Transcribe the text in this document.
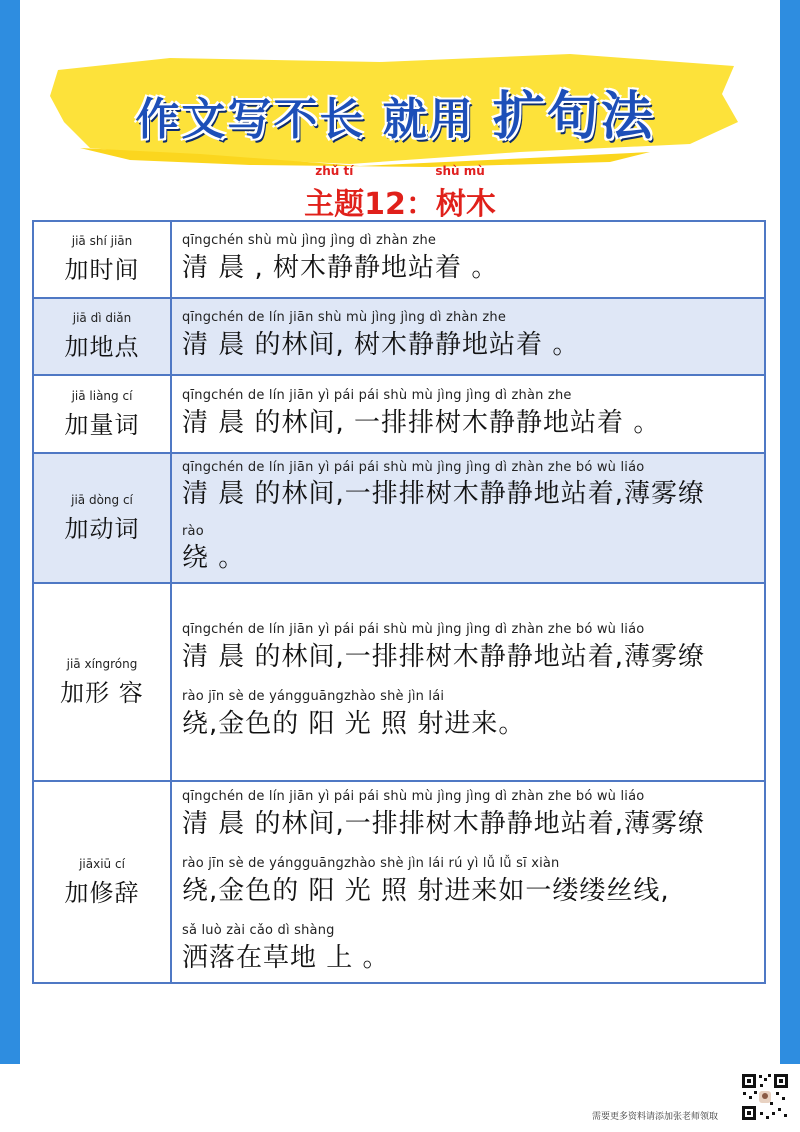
作文写不长 就用 扩句法
zhǔ tí	shù mù
主题12：树木
jiā shí jiān
加时间
qīngchén shù mù jìng jìng dì zhàn zhe
清 晨 , 树木静静地站着 。
jiā dì diǎn
加地点
qīngchén de lín jiān shù mù jìng jìng dì zhàn zhe
清 晨 的林间, 树木静静地站着 。
jiā liàng cí
加量词
qīngchén de lín jiān yì pái pái shù mù jìng jìng dì zhàn zhe
清 晨 的林间, 一排排树木静静地站着 。
jiā dòng cí
加动词
qīngchén de lín jiān yì pái pái shù mù jìng jìng dì zhàn zhe bó wù liáo
清 晨 的林间,一排排树木静静地站着,薄雾缭
rào
绕 。
jiā xíngróng
加形 容
qīngchén de lín jiān yì pái pái shù mù jìng jìng dì zhàn zhe bó wù liáo
清 晨 的林间,一排排树木静静地站着,薄雾缭
rào jīn sè de yángguāngzhào shè jìn lái
绕,金色的 阳 光 照 射进来。
jiāxiū cí
加修辞
qīngchén de lín jiān yì pái pái shù mù jìng jìng dì zhàn zhe bó wù liáo
清 晨 的林间,一排排树木静静地站着,薄雾缭
rào jīn sè de yángguāngzhào shè jìn lái rú yì lǚ lǚ sī xiàn
绕,金色的 阳 光 照 射进来如一缕缕丝线,
sǎ luò zài cǎo dì shàng
洒落在草地 上 。
需要更多资料请添加张老师领取
